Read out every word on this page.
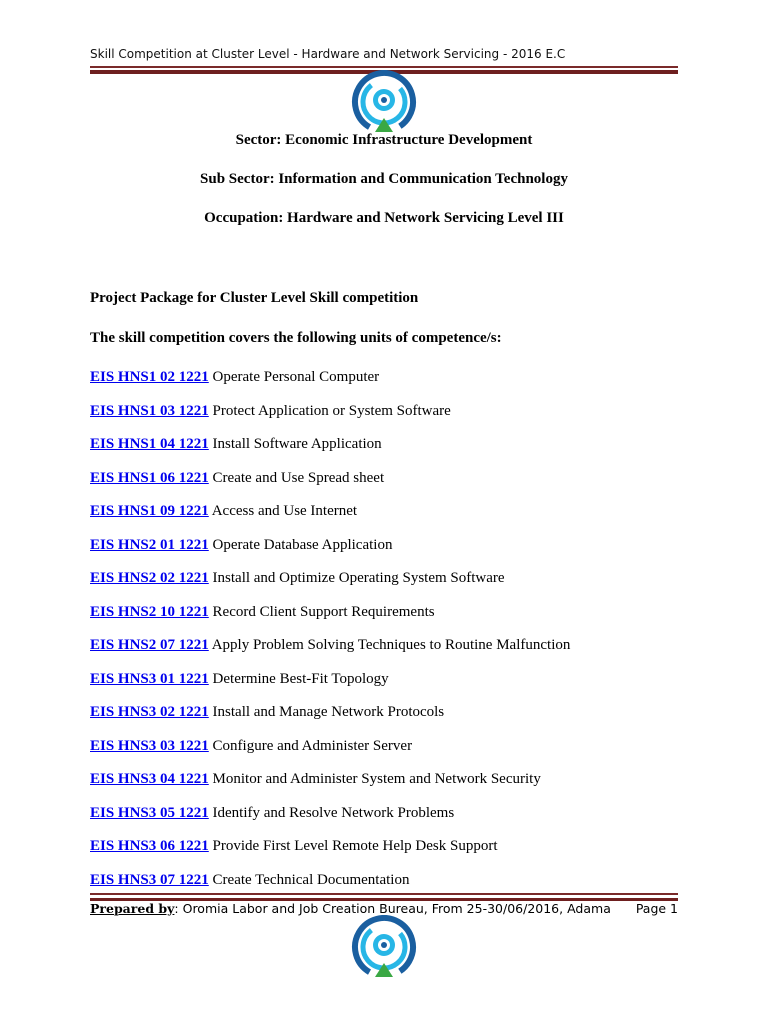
Skill Competition at Cluster Level - Hardware and Network Servicing - 2016 E.C
Sector: Economic Infrastructure Development
Sub Sector: Information and Communication Technology
Occupation: Hardware and Network Servicing Level III
Project Package for Cluster Level Skill competition
The skill competition covers the following units of competence/s:
EIS HNS1 02 1221 Operate Personal Computer
EIS HNS1 03 1221 Protect Application or System Software
EIS HNS1 04 1221 Install Software Application
EIS HNS1 06 1221 Create and Use Spread sheet
EIS HNS1 09 1221 Access and Use Internet
EIS HNS2 01 1221 Operate Database Application
EIS HNS2 02 1221 Install and Optimize Operating System Software
EIS HNS2 10 1221 Record Client Support Requirements
EIS HNS2 07 1221 Apply Problem Solving Techniques to Routine Malfunction
EIS HNS3 01 1221 Determine Best-Fit Topology
EIS HNS3 02 1221 Install and Manage Network Protocols
EIS HNS3 03 1221 Configure and Administer Server
EIS HNS3 04 1221 Monitor and Administer System and Network Security
EIS HNS3 05 1221 Identify and Resolve Network Problems
EIS HNS3 06 1221 Provide First Level Remote Help Desk Support
EIS HNS3 07 1221 Create Technical Documentation
Prepared by: Oromia Labor and Job Creation Bureau, From 25-30/06/2016, Adama Page 1
